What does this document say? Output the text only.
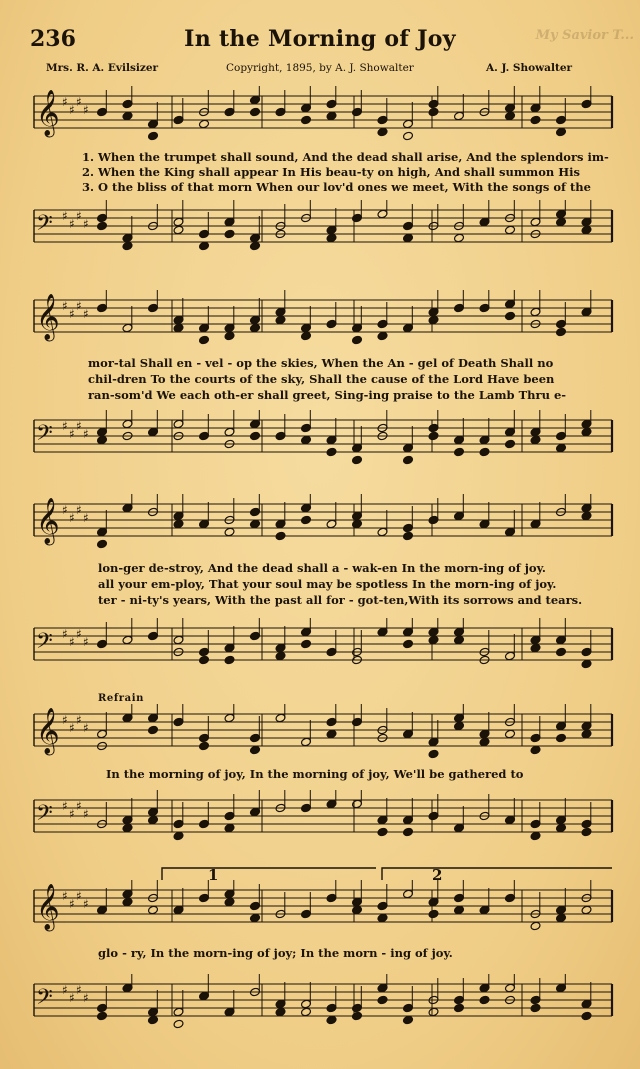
My Savior T...
236	In the Morning of Joy
Mrs. R. A. Evilsizer	Copyright, 1895, by A. J. Showalter	A. J. Showalter
𝄞 ♯
♯
♯
♯
1. When the trumpet shall sound, And the dead shall arise, And the splendors im-
2. When the King shall appear In His beau-ty on high, And shall summon His
3. O the bliss of that morn When our lov'd ones we meet, With the songs of the
𝄢 ♯
♯
♯
♯
𝄞 ♯
♯
♯
♯
mor-tal Shall en - vel - op the skies, When the An - gel of Death Shall no
chil-dren To the courts of the sky, Shall the cause of the Lord Have been
ran-som'd We each oth-er shall greet, Sing-ing praise to the Lamb Thru e-
𝄢 ♯
♯
♯
♯
𝄞 ♯
♯
♯
♯
lon-ger de-stroy, And the dead shall a - wak-en In the morn-ing of joy.
all your em-ploy, That your soul may be spotless In the morn-ing of joy.
ter - ni-ty's years, With the past all for - got-ten,With its sorrows and tears.
𝄢 ♯
♯
♯
♯
Refrain
𝄞 ♯
♯
♯
♯
In the morning of joy, In the morning of joy, We'll be gathered to
𝄢 ♯
♯
♯
♯
1	2
𝄞 ♯
♯
♯
♯
glo - ry, In the morn-ing of joy; In the morn - ing of joy.
𝄢 ♯
♯
♯
♯
